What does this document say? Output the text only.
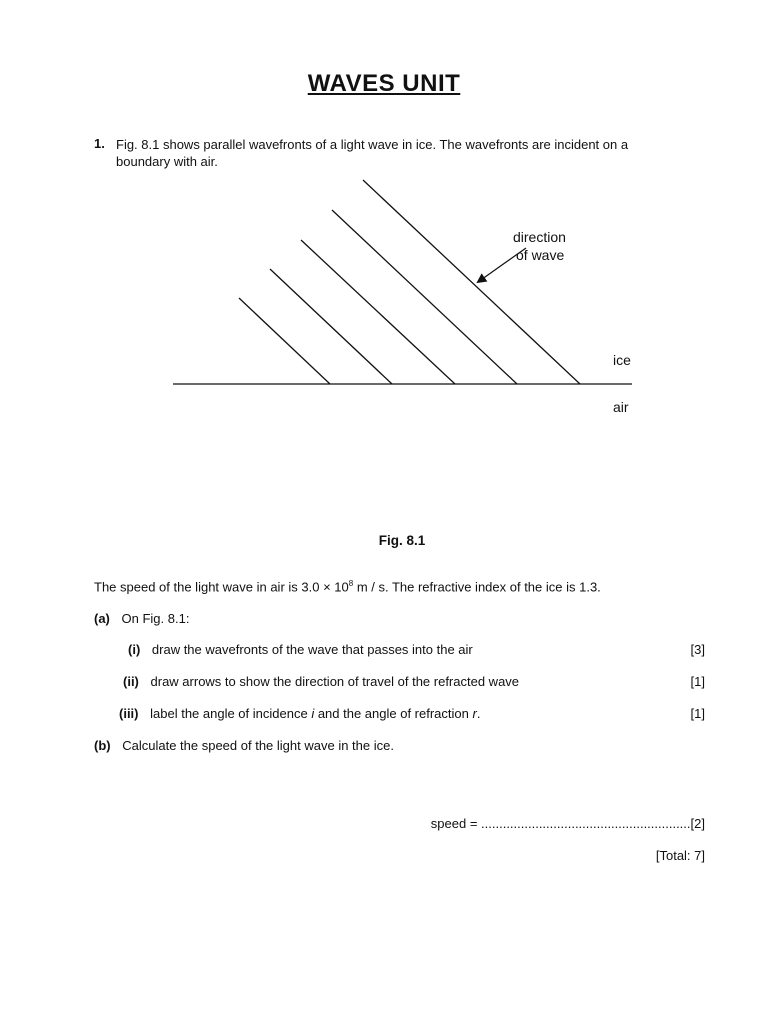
WAVES UNIT
1. Fig. 8.1 shows parallel wavefronts of a light wave in ice. The wavefronts are incident on a boundary with air.
direction
of wave
ice
air
Fig. 8.1
The speed of the light wave in air is $3.0 \times 10^8$ m / s. The refractive index of the ice is 1.3.
(a) On Fig. 8.1:
(i) draw the wavefronts of the wave that passes into the air	[3]
(ii) draw arrows to show the direction of travel of the refracted wave	[1]
(iii) label the angle of incidence i and the angle of refraction r.	[1]
(b) Calculate the speed of the light wave in the ice.
speed = ..........................................................[2]
[Total: 7]
